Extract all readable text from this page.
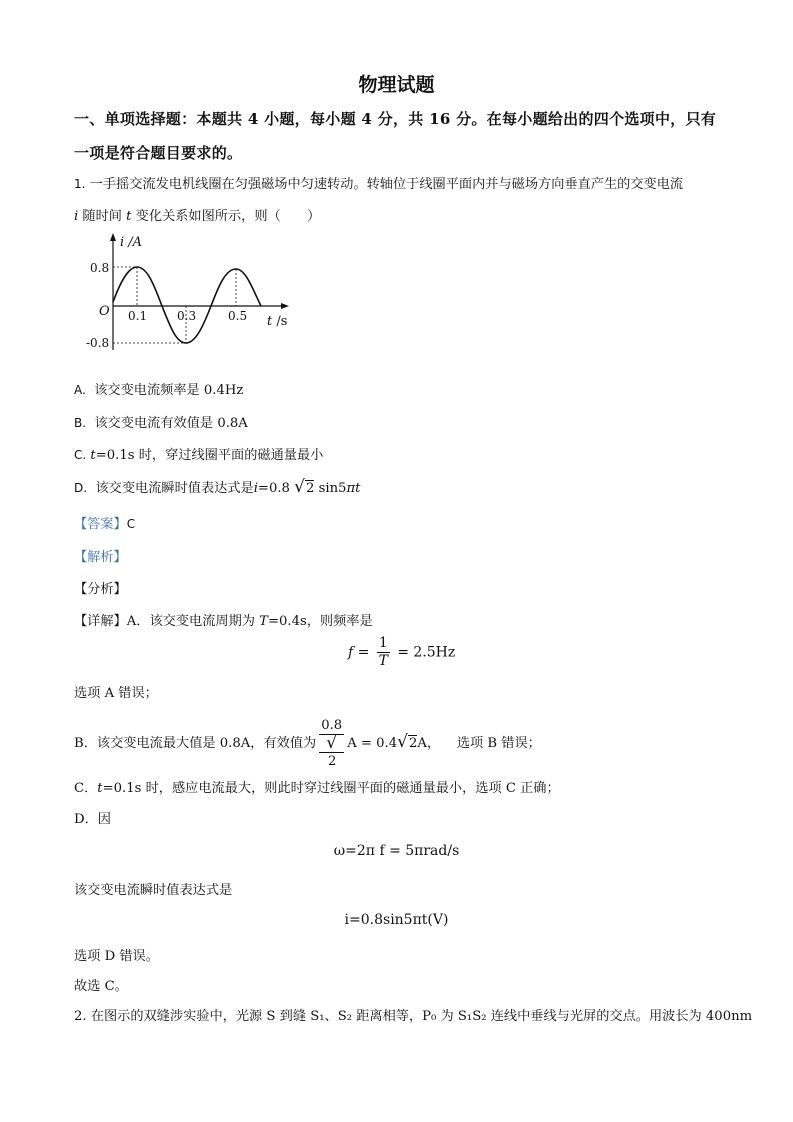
物理试题
一、单项选择题：本题共 4 小题，每小题 4 分，共 16 分。在每小题给出的四个选项中，只有
一项是符合题目要求的。
1. 一手摇交流发电机线圈在匀强磁场中匀速转动。转轴位于线圈平面内并与磁场方向垂直产生的交变电流
i 随时间 t 变化关系如图所示，则（　　）
i /A
0.8
-0.8
O 0.1 0.3	0.5 t /s
A. 该交变电流频率是 0.4Hz
B. 该交变电流有效值是 0.8A
C. t=0.1s 时，穿过线圈平面的磁通量最小
D. 该交变电流瞬时值表达式是i=0.8 √2 sin5πt
【答案】C
【解析】
【分析】
【详解】A．该交变电流周期为 T=0.4s，则频率是
$f = \frac{1}{T} = 2.5Hz$
选项 A 错误；
B．该交变电流最大值是 0.8A，有效值为 0.8
√
2 A = 0.4√2A， 选项 B 错误；
C．t=0.1s 时，感应电流最大，则此时穿过线圈平面的磁通量最小，选项 C 正确；
D．因
ω=2π f = 5πrad/s
该交变电流瞬时值表达式是
i=0.8sin5πt(V)
选项 D 错误。
故选 C。
2. 在图示的双缝涉实验中，光源 S 到缝 S₁、S₂ 距离相等，P₀ 为 S₁S₂ 连线中垂线与光屏的交点。用波长为 400nm
